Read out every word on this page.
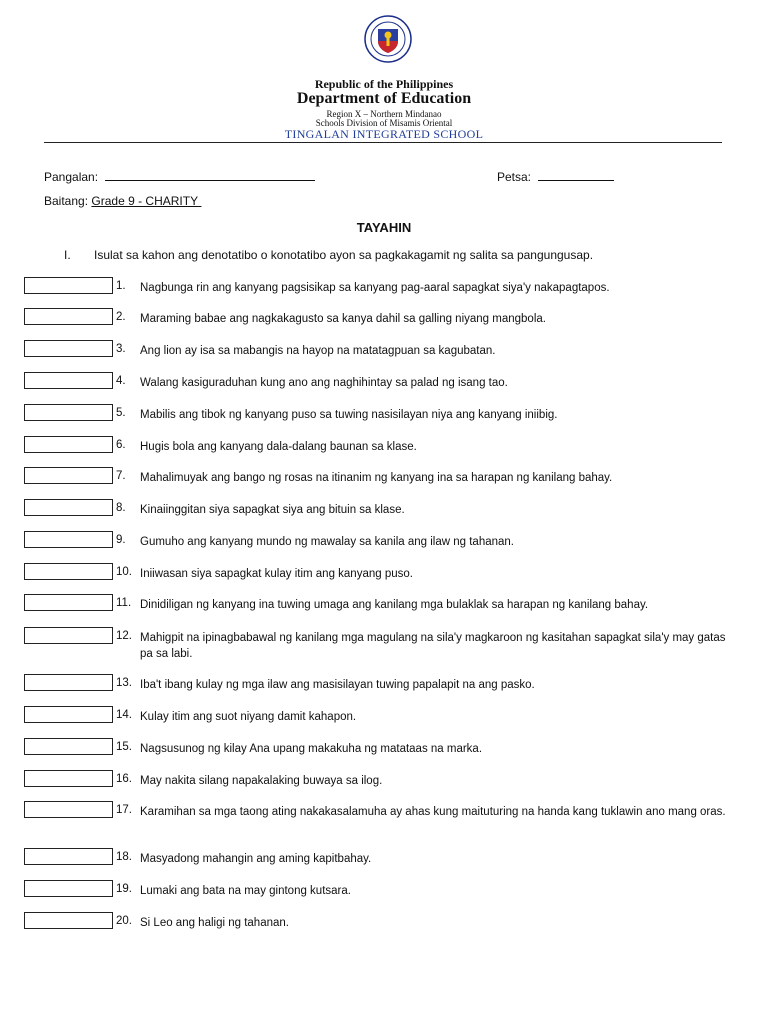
Republic of the Philippines
Department of Education
Region X – Northern Mindanao
Schools Division of Misamis Oriental
TINGALAN INTEGRATED SCHOOL
Pangalan:	Petsa:
Baitang: Grade 9 - CHARITY
TAYAHIN
I. Isulat sa kahon ang denotatibo o konotatibo ayon sa pagkakagamit ng salita sa pangungusap.
1. Nagbunga rin ang kanyang pagsisikap sa kanyang pag-aaral sapagkat siya'y nakapagtapos.
2. Maraming babae ang nagkakagusto sa kanya dahil sa galling niyang mangbola.
3. Ang lion ay isa sa mabangis na hayop na matatagpuan sa kagubatan.
4. Walang kasiguraduhan kung ano ang naghihintay sa palad ng isang tao.
5. Mabilis ang tibok ng kanyang puso sa tuwing nasisilayan niya ang kanyang iniibig.
6. Hugis bola ang kanyang dala-dalang baunan sa klase.
7. Mahalimuyak ang bango ng rosas na itinanim ng kanyang ina sa harapan ng kanilang bahay.
8. Kinaiinggitan siya sapagkat siya ang bituin sa klase.
9. Gumuho ang kanyang mundo ng mawalay sa kanila ang ilaw ng tahanan.
10. Iniiwasan siya sapagkat kulay itim ang kanyang puso.
11. Dinidiligan ng kanyang ina tuwing umaga ang kanilang mga bulaklak sa harapan ng kanilang bahay.
12. Mahigpit na ipinagbabawal ng kanilang mga magulang na sila'y magkaroon ng kasitahan sapagkat sila'y may gatas pa sa labi.
13. Iba't ibang kulay ng mga ilaw ang masisilayan tuwing papalapit na ang pasko.
14. Kulay itim ang suot niyang damit kahapon.
15. Nagsusunog ng kilay Ana upang makakuha ng matataas na marka.
16. May nakita silang napakalaking buwaya sa ilog.
17. Karamihan sa mga taong ating nakakasalamuha ay ahas kung maituturing na handa kang tuklawin ano mang oras.
18. Masyadong mahangin ang aming kapitbahay.
19. Lumaki ang bata na may gintong kutsara.
20. Si Leo ang haligi ng tahanan.
